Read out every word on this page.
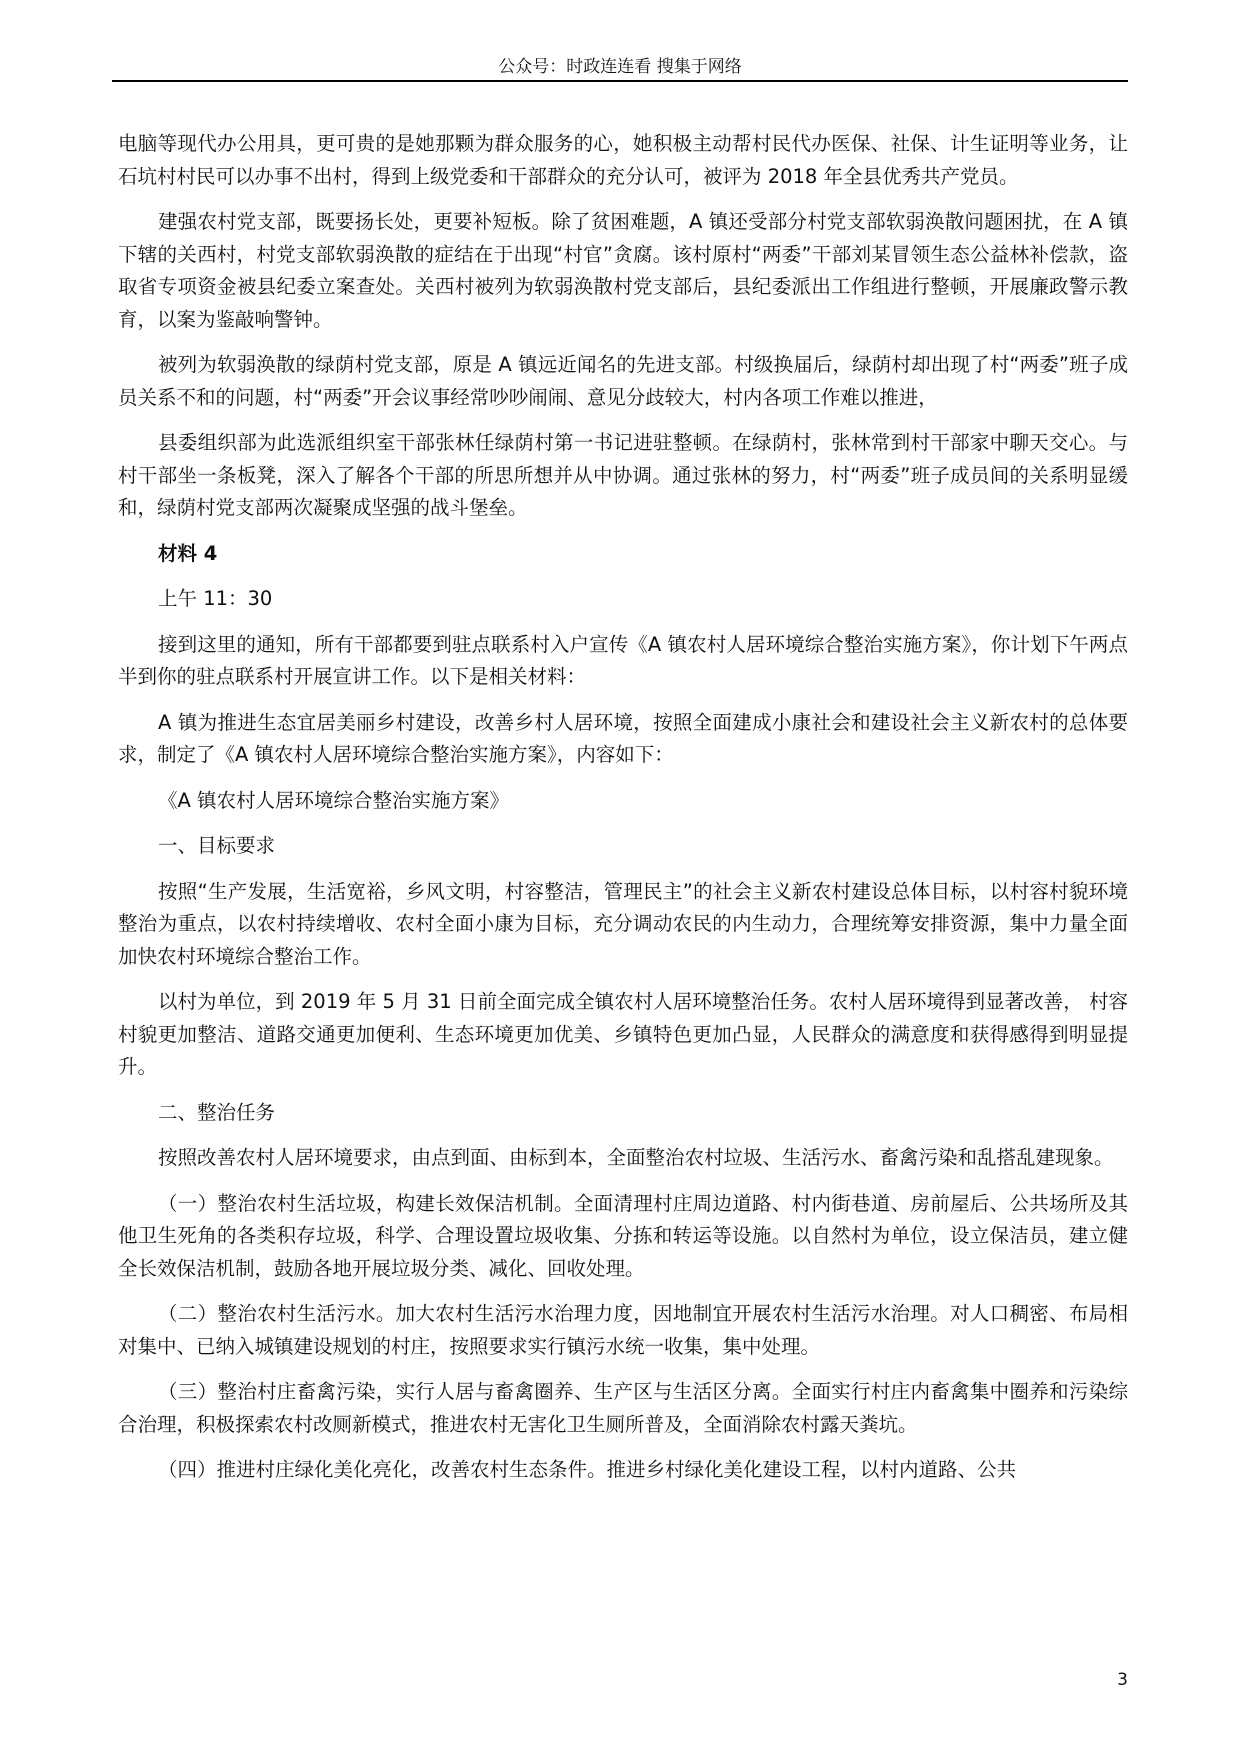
公众号：时政连连看 搜集于网络

电脑等现代办公用具，更可贵的是她那颗为群众服务的心，她积极主动帮村民代办医保、社保、计生证明等业务，让石坑村村民可以办事不出村，得到上级党委和干部群众的充分认可，被评为 2018 年全县优秀共产党员。

建强农村党支部，既要扬长处，更要补短板。除了贫困难题，A 镇还受部分村党支部软弱涣散问题困扰，在 A 镇下辖的关西村，村党支部软弱涣散的症结在于出现“村官”贪腐。该村原村“两委”干部刘某冒领生态公益林补偿款，盗取省专项资金被县纪委立案查处。关西村被列为软弱涣散村党支部后，县纪委派出工作组进行整顿，开展廉政警示教育，以案为鉴敲响警钟。

被列为软弱涣散的绿荫村党支部，原是 A 镇远近闻名的先进支部。村级换届后，绿荫村却出现了村“两委”班子成员关系不和的问题，村“两委”开会议事经常吵吵闹闹、意见分歧较大，村内各项工作难以推进，

县委组织部为此选派组织室干部张林任绿荫村第一书记进驻整顿。在绿荫村，张林常到村干部家中聊天交心。与村干部坐一条板凳，深入了解各个干部的所思所想并从中协调。通过张林的努力，村“两委”班子成员间的关系明显缓和，绿荫村党支部两次凝聚成坚强的战斗堡垒。

材料 4

上午 11：30

接到这里的通知，所有干部都要到驻点联系村入户宣传《A 镇农村人居环境综合整治实施方案》，你计划下午两点半到你的驻点联系村开展宣讲工作。以下是相关材料：

A 镇为推进生态宜居美丽乡村建设，改善乡村人居环境，按照全面建成小康社会和建设社会主义新农村的总体要求，制定了《A 镇农村人居环境综合整治实施方案》，内容如下：

《A 镇农村人居环境综合整治实施方案》

一、目标要求

按照“生产发展，生活宽裕，乡风文明，村容整洁，管理民主”的社会主义新农村建设总体目标，以村容村貌环境整治为重点，以农村持续增收、农村全面小康为目标，充分调动农民的内生动力，合理统筹安排资源，集中力量全面加快农村环境综合整治工作。

以村为单位，到 2019 年 5 月 31 日前全面完成全镇农村人居环境整治任务。农村人居环境得到显著改善， 村容村貌更加整洁、道路交通更加便利、生态环境更加优美、乡镇特色更加凸显，人民群众的满意度和获得感得到明显提升。

二、整治任务

按照改善农村人居环境要求，由点到面、由标到本，全面整治农村垃圾、生活污水、畜禽污染和乱搭乱建现象。

（一）整治农村生活垃圾，构建长效保洁机制。全面清理村庄周边道路、村内街巷道、房前屋后、公共场所及其他卫生死角的各类积存垃圾，科学、合理设置垃圾收集、分拣和转运等设施。以自然村为单位，设立保洁员，建立健全长效保洁机制，鼓励各地开展垃圾分类、减化、回收处理。

（二）整治农村生活污水。加大农村生活污水治理力度，因地制宜开展农村生活污水治理。对人口稠密、布局相对集中、已纳入城镇建设规划的村庄，按照要求实行镇污水统一收集，集中处理。

（三）整治村庄畜禽污染，实行人居与畜禽圈养、生产区与生活区分离。全面实行村庄内畜禽集中圈养和污染综合治理，积极探索农村改厕新模式，推进农村无害化卫生厕所普及，全面消除农村露天粪坑。

（四）推进村庄绿化美化亮化，改善农村生态条件。推进乡村绿化美化建设工程，以村内道路、公共

3
